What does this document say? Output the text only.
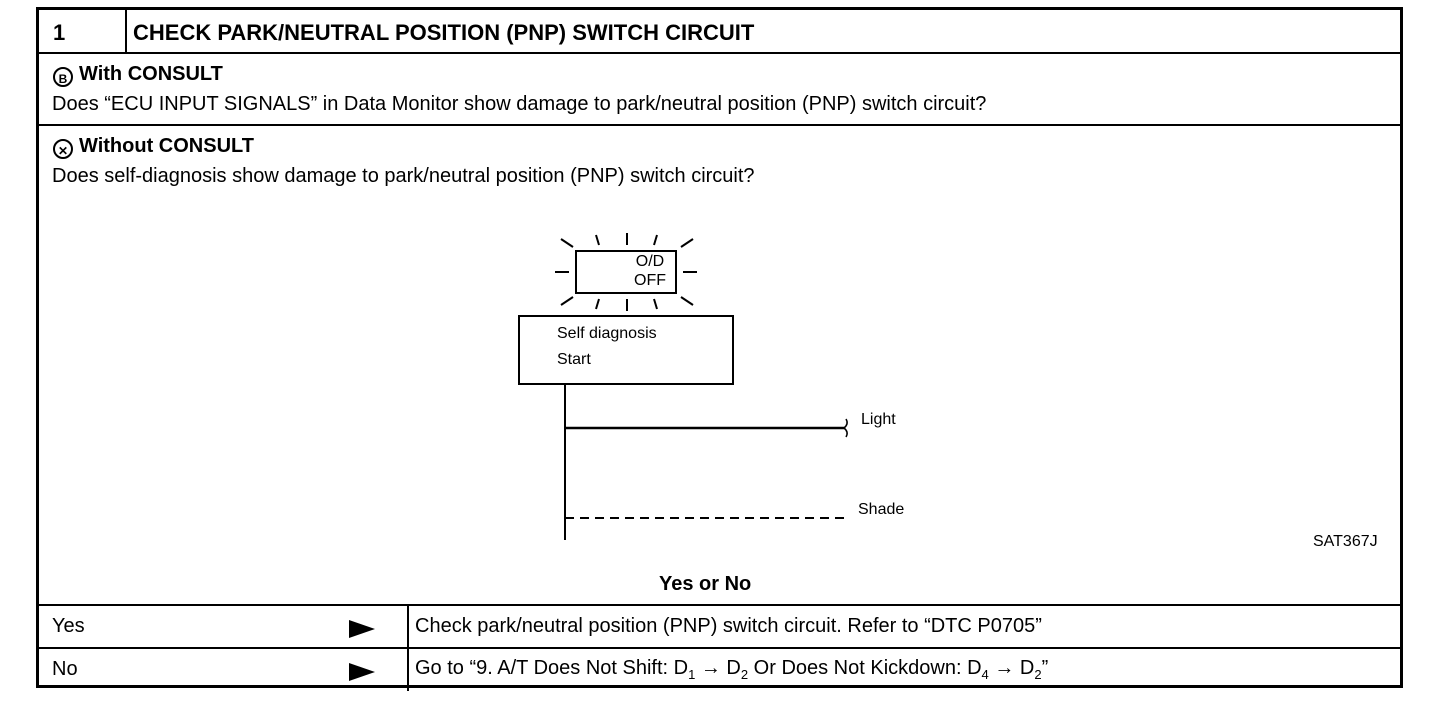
1	CHECK PARK/NEUTRAL POSITION (PNP) SWITCH CIRCUIT
B With CONSULT
Does “ECU INPUT SIGNALS” in Data Monitor show damage to park/neutral position (PNP) switch circuit?
✕ Without CONSULT
Does self-diagnosis show damage to park/neutral position (PNP) switch circuit?
O/D
OFF
Self diagnosis
Start
Light
Shade
SAT367J
Yes or No
Yes	Check park/neutral position (PNP) switch circuit. Refer to “DTC P0705”
No	Go to “9. A/T Does Not Shift: $D_1 \to D_2$ Or Does Not Kickdown: $D_4 \to D_2$”
